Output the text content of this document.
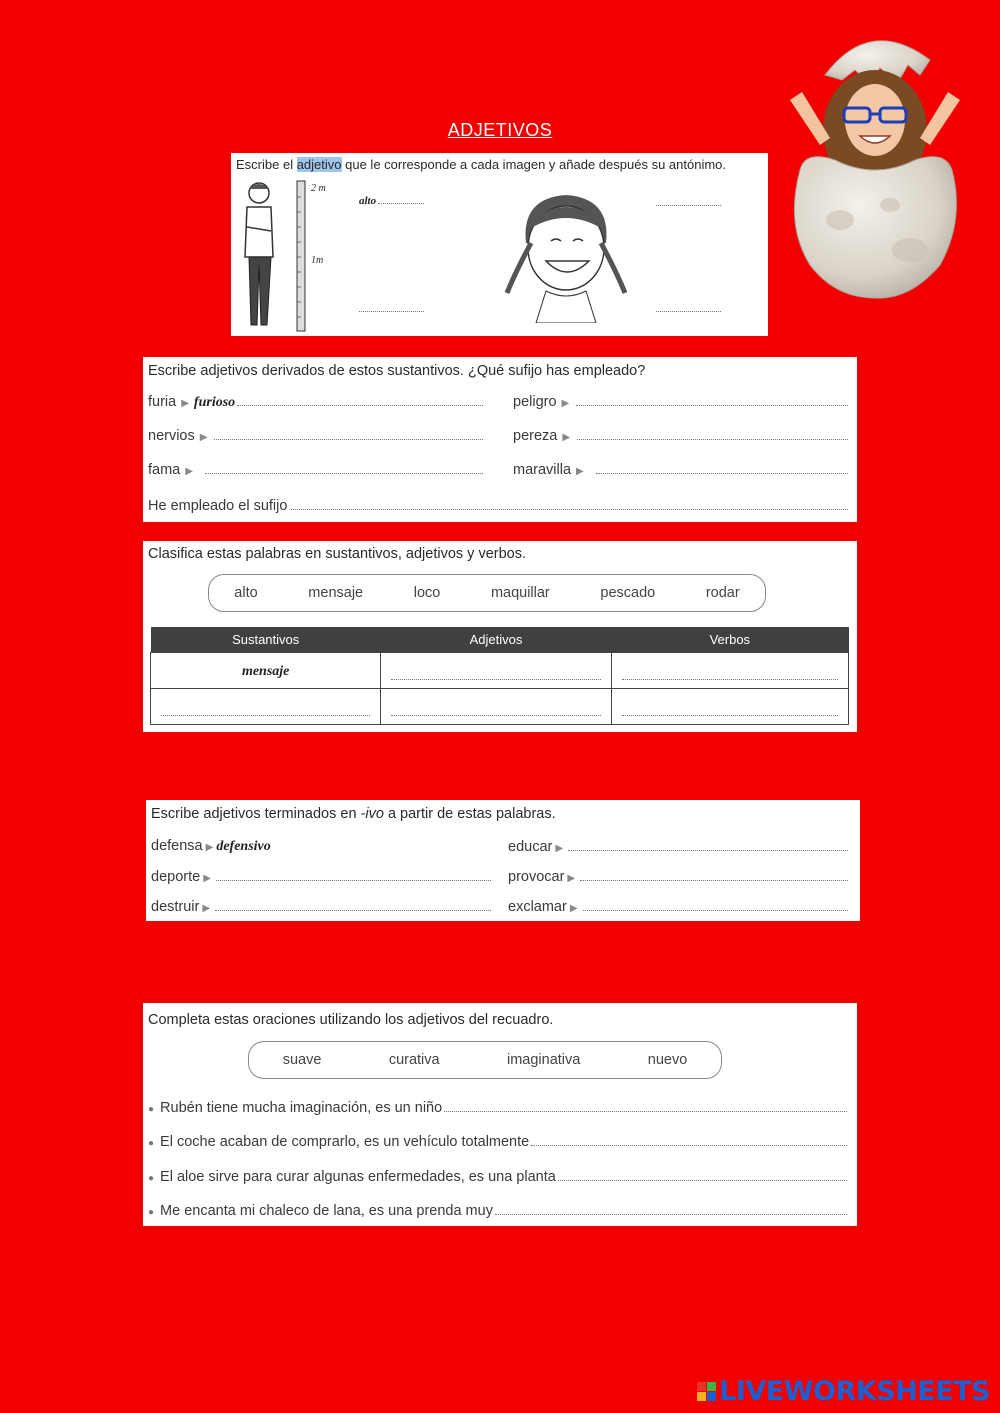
ADJETIVOS
Escribe el adjetivo que le corresponde a cada imagen y añade después su antónimo.
2 m
1m
alto
Escribe adjetivos derivados de estos sustantivos. ¿Qué sufijo has empleado?
furia ▶ furioso	peligro ▶
nervios ▶	pereza ▶
fama ▶	maravilla ▶
He empleado el sufijo
Clasifica estas palabras en sustantivos, adjetivos y verbos.
alto	mensaje	loco	maquillar	pescado	rodar
Sustantivos	Adjetivos	Verbos
mensaje	

Escribe adjetivos terminados en -ivo a partir de estas palabras.
defensa ▶ defensivo	educar ▶
deporte ▶	provocar ▶
destruir ▶	exclamar ▶
Completa estas oraciones utilizando los adjetivos del recuadro.
suave	curativa	imaginativa	nuevo
● Rubén tiene mucha imaginación, es un niño
● El coche acaban de comprarlo, es un vehículo totalmente
● El aloe sirve para curar algunas enfermedades, es una planta
● Me encanta mi chaleco de lana, es una prenda muy
LIVEWORKSHEETS
